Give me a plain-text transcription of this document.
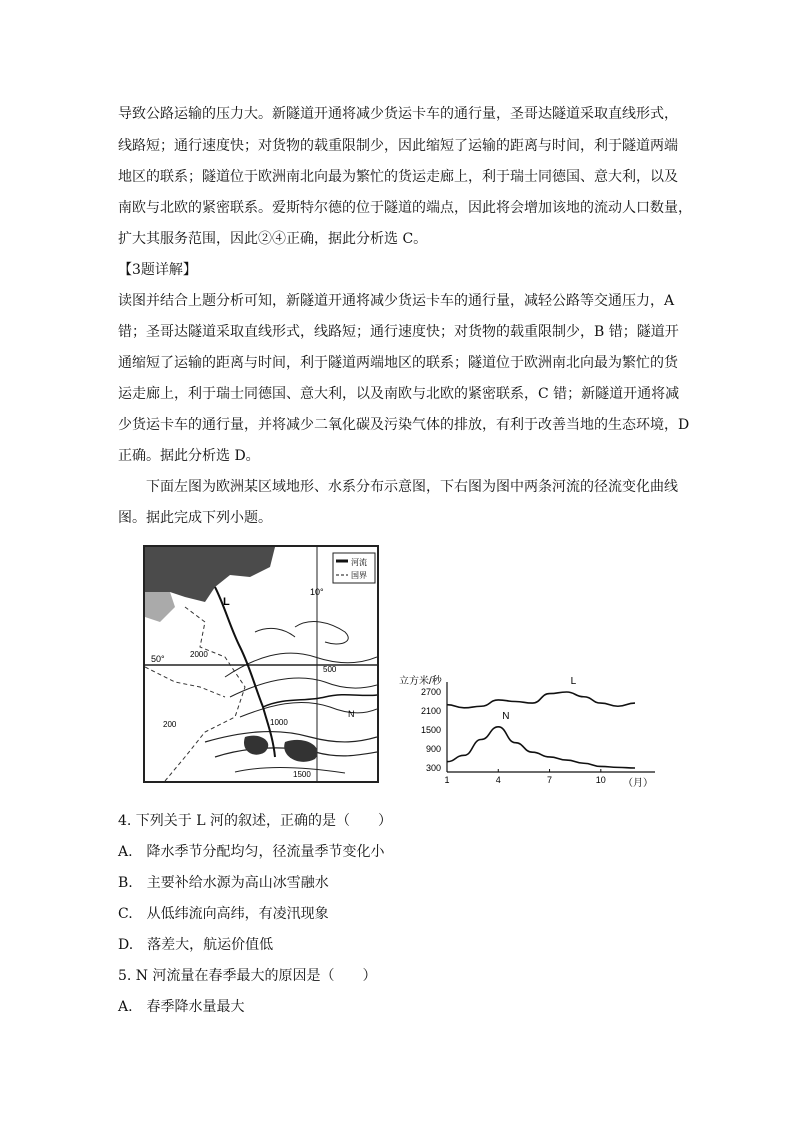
导致公路运输的压力大。新隧道开通将减少货运卡车的通行量，圣哥达隧道采取直线形式，
线路短；通行速度快；对货物的载重限制少，因此缩短了运输的距离与时间，利于隧道两端
地区的联系；隧道位于欧洲南北向最为繁忙的货运走廊上，利于瑞士同德国、意大利，以及
南欧与北欧的紧密联系。爱斯特尔德的位于隧道的端点，因此将会增加该地的流动人口数量，
扩大其服务范围，因此②④正确，据此分析选 C。
【3题详解】
读图并结合上题分析可知，新隧道开通将减少货运卡车的通行量，减轻公路等交通压力，A
错；圣哥达隧道采取直线形式，线路短；通行速度快；对货物的载重限制少，B 错；隧道开
通缩短了运输的距离与时间，利于隧道两端地区的联系；隧道位于欧洲南北向最为繁忙的货
运走廊上，利于瑞士同德国、意大利，以及南欧与北欧的紧密联系，C 错；新隧道开通将减
少货运卡车的通行量，并将减少二氧化碳及污染气体的排放，有利于改善当地的生态环境，D
正确。据此分析选 D。
下面左图为欧洲某区域地形、水系分布示意图，下右图为图中两条河流的径流变化曲线
图。据此完成下列小题。
河流
国界
L
N
50°
10°
200
500
1000
1500
2000
立方米/秒
（月）
2700
2100
1500
900
300
1	4	7	10
L
N
4. 下列关于 L 河的叙述，正确的是（　　）
A.　降水季节分配均匀，径流量季节变化小
B.　主要补给水源为高山冰雪融水
C.　从低纬流向高纬，有凌汛现象
D.　落差大，航运价值低
5. N 河流量在春季最大的原因是（　　）
A.　春季降水量最大
